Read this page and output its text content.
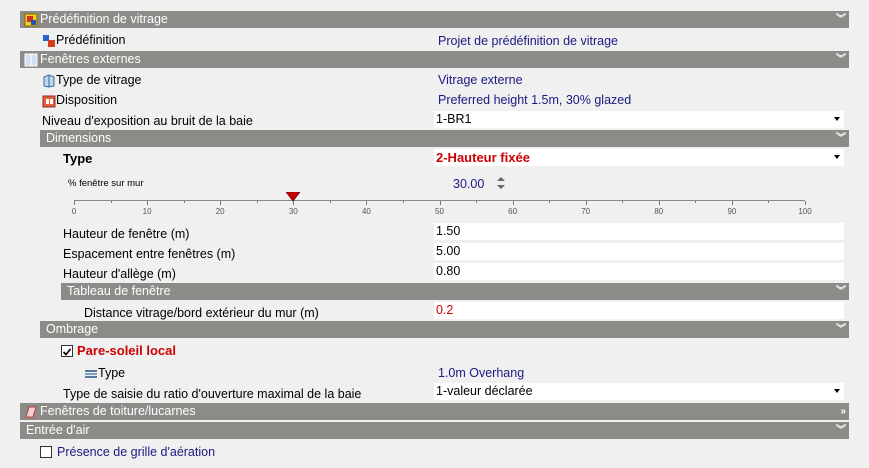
Prédéfinition de vitrage	︾
Prédéfinition	Projet de prédéfinition de vitrage
Fenêtres externes	︾
Type de vitrage	Vitrage externe
Disposition	Preferred height 1.5m, 30% glazed
Niveau d'exposition au bruit de la baie	1-BR1
Dimensions	︾
Type	2-Hauteur fixée
% fenêtre sur mur	30.00
0	10	20	30	40	50	60	70	80	90	100
Hauteur de fenêtre (m)	1.50
Espacement entre fenêtres (m)	5.00
Hauteur d'allège (m)	0.80
Tableau de fenêtre	︾
Distance vitrage/bord extérieur du mur (m)	0.2
Ombrage	︾
Pare-soleil local
Type	1.0m Overhang
Type de saisie du ratio d'ouverture maximal de la baie	1-valeur déclarée
Fenêtres de toiture/lucarnes	»
Entrée d'air	︾
Présence de grille d'aération
